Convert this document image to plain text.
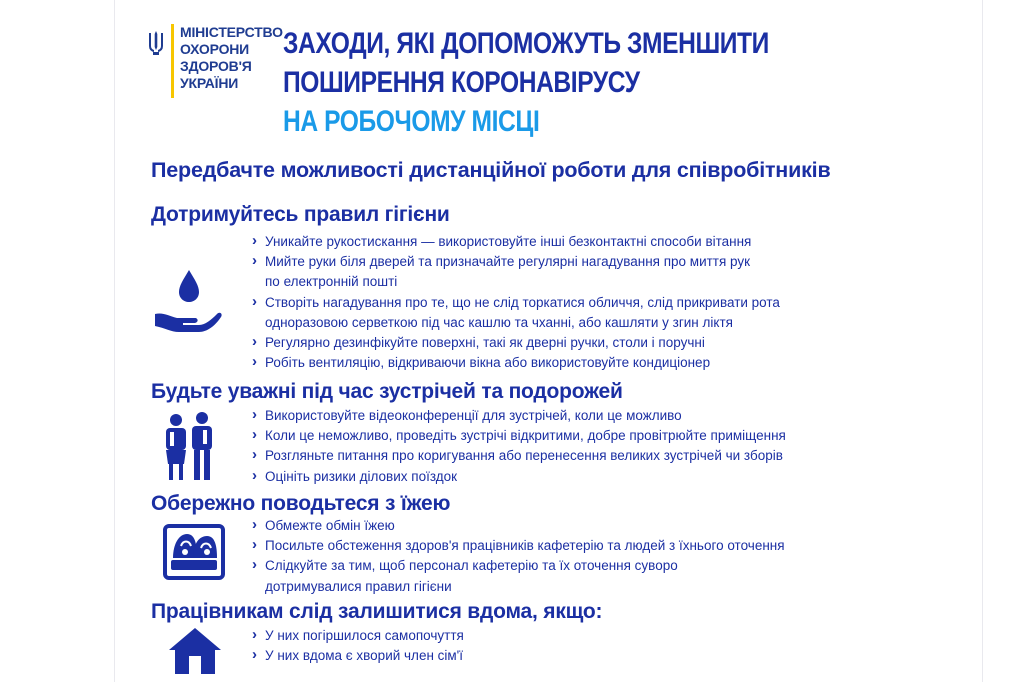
МІНІСТЕРСТВО
ОХОРОНИ
ЗДОРОВ'Я
УКРАЇНИ
ЗАХОДИ, ЯКІ ДОПОМОЖУТЬ ЗМЕНШИТИ
ПОШИРЕННЯ КОРОНАВІРУСУ
НА РОБОЧОМУ МІСЦІ
Передбачте можливості дистанційної роботи для співробітників
Дотримуйтесь правил гігієни
› Уникайте рукостискання — використовуйте інші безконтактні способи вітання
› Мийте руки біля дверей та призначайте регулярні нагадування про миття рук
по електронній пошті
› Створіть нагадування про те, що не слід торкатися обличчя, слід прикривати рота
одноразовою серветкою під час кашлю та чханні, або кашляти у згин ліктя
› Регулярно дезинфікуйте поверхні, такі як дверні ручки, столи і поручні
› Робіть вентиляцію, відкриваючи вікна або використовуйте кондиціонер
Будьте уважні під час зустрічей та подорожей
› Використовуйте відеоконференції для зустрічей, коли це можливо
› Коли це неможливо, проведіть зустрічі відкритими, добре провітрюйте приміщення
› Розгляньте питання про коригування або перенесення великих зустрічей чи зборів
› Оцініть ризики ділових поїздок
Обережно поводьтеся з їжею
› Обмежте обмін їжею
› Посильте обстеження здоров'я працівників кафетерію та людей з їхнього оточення
› Слідкуйте за тим, щоб персонал кафетерію та їх оточення суворо
дотримувалися правил гігієни
Працівникам слід залишитися вдома, якщо:
› У них погіршилося самопочуття
› У них вдома є хворий член сім'ї
